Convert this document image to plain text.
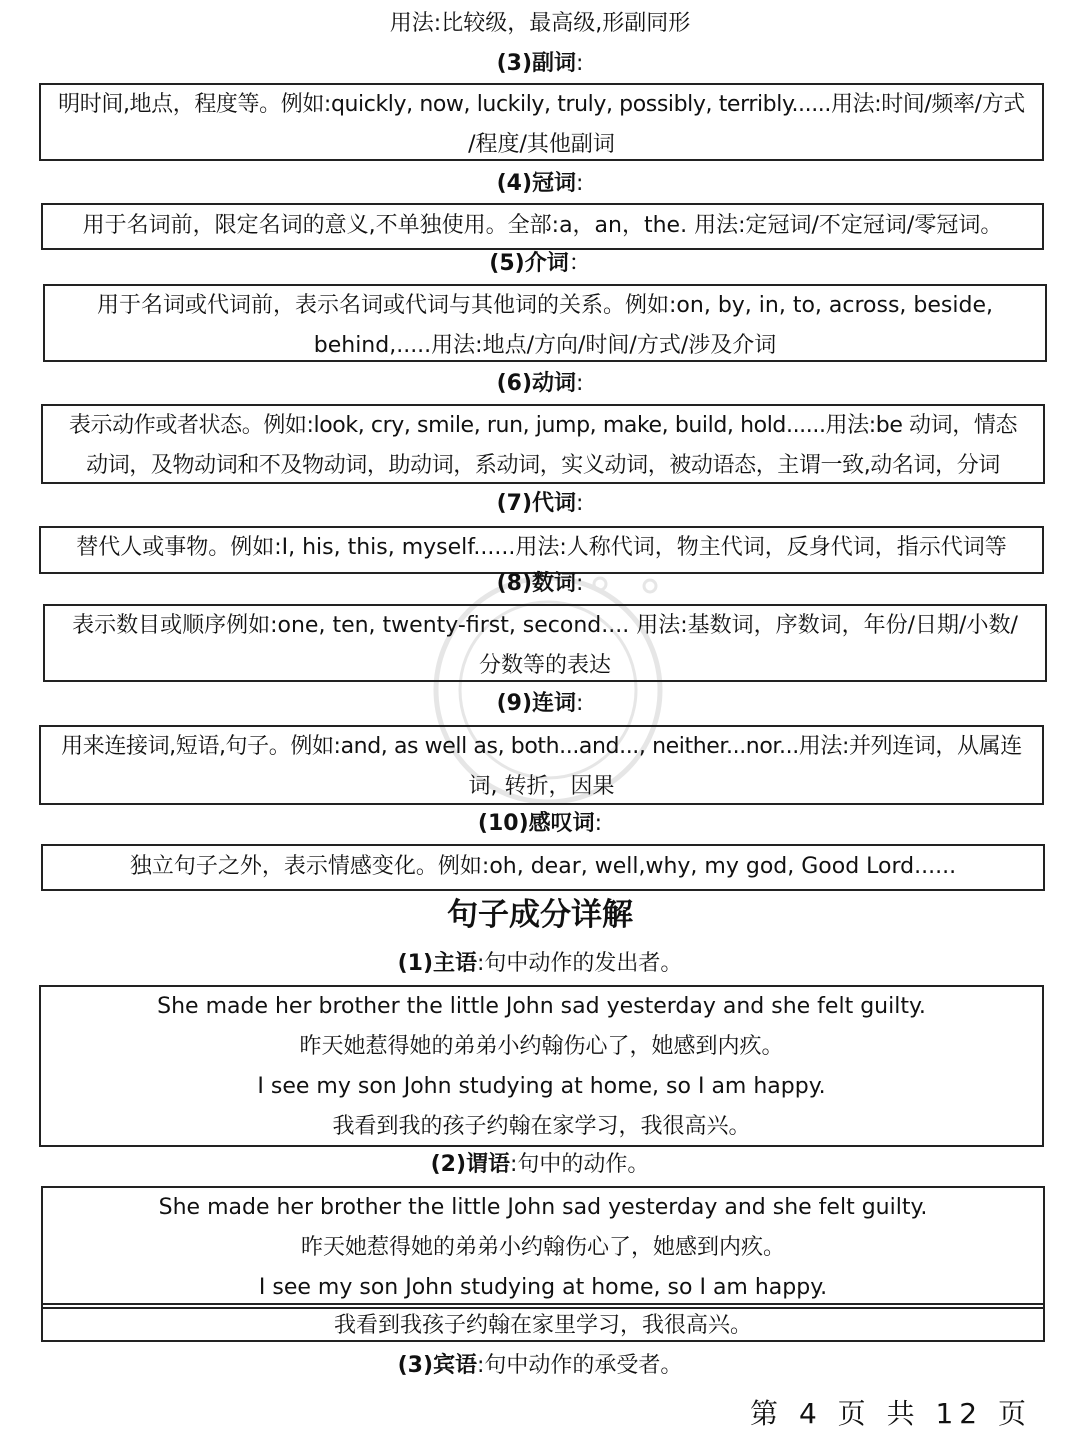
用法:比较级，最高级,形副同形
(3)副词:

明时间,地点，程度等。例如:quickly, now, luckily, truly, possibly, terribly......用法:时间/频率/方式

/程度/其他副词

(4)冠词:

用于名词前，限定名词的意义,不单独使用。全部:a，an，the. 用法:定冠词/不定冠词/零冠词。

(5)介词：

用于名词或代词前，表示名词或代词与其他词的关系。例如:on, by, in, to, across, beside,

behind,.....用法:地点/方向/时间/方式/涉及介词

(6)动词:

表示动作或者状态。例如:look, cry, smile, run, jump, make, build, hold......用法:be 动词，情态

动词，及物动词和不及物动词，助动词，系动词，实义动词，被动语态，主谓一致,动名词，分词

(7)代词:

替代人或事物。例如:I, his, this, myself......用法:人称代词，物主代词，反身代词，指示代词等

(8)数词:

表示数目或顺序例如:one, ten, twenty-first, second.... 用法:基数词，序数词，年份/日期/小数/

分数等的表达

(9)连词:

用来连接词,短语,句子。例如:and, as well as, both...and..., neither...nor...用法:并列连词，从属连

词, 转折，因果

(10)感叹词:

独立句子之外，表示情感变化。例如:oh, dear, well,why, my god, Good Lord......

句子成分详解
(1)主语:句中动作的发出者。

She made her brother the little John sad yesterday and she felt guilty.

昨天她惹得她的弟弟小约翰伤心了，她感到内疚。

I see my son John studying at home, so I am happy.

我看到我的孩子约翰在家学习，我很高兴。

(2)谓语:句中的动作。

She made her brother the little John sad yesterday and she felt guilty.

昨天她惹得她的弟弟小约翰伤心了，她感到内疚。

I see my son John studying at home, so I am happy.

我看到我孩子约翰在家里学习，我很高兴。

(3)宾语:句中动作的承受者。
第 4 页 共 12 页
